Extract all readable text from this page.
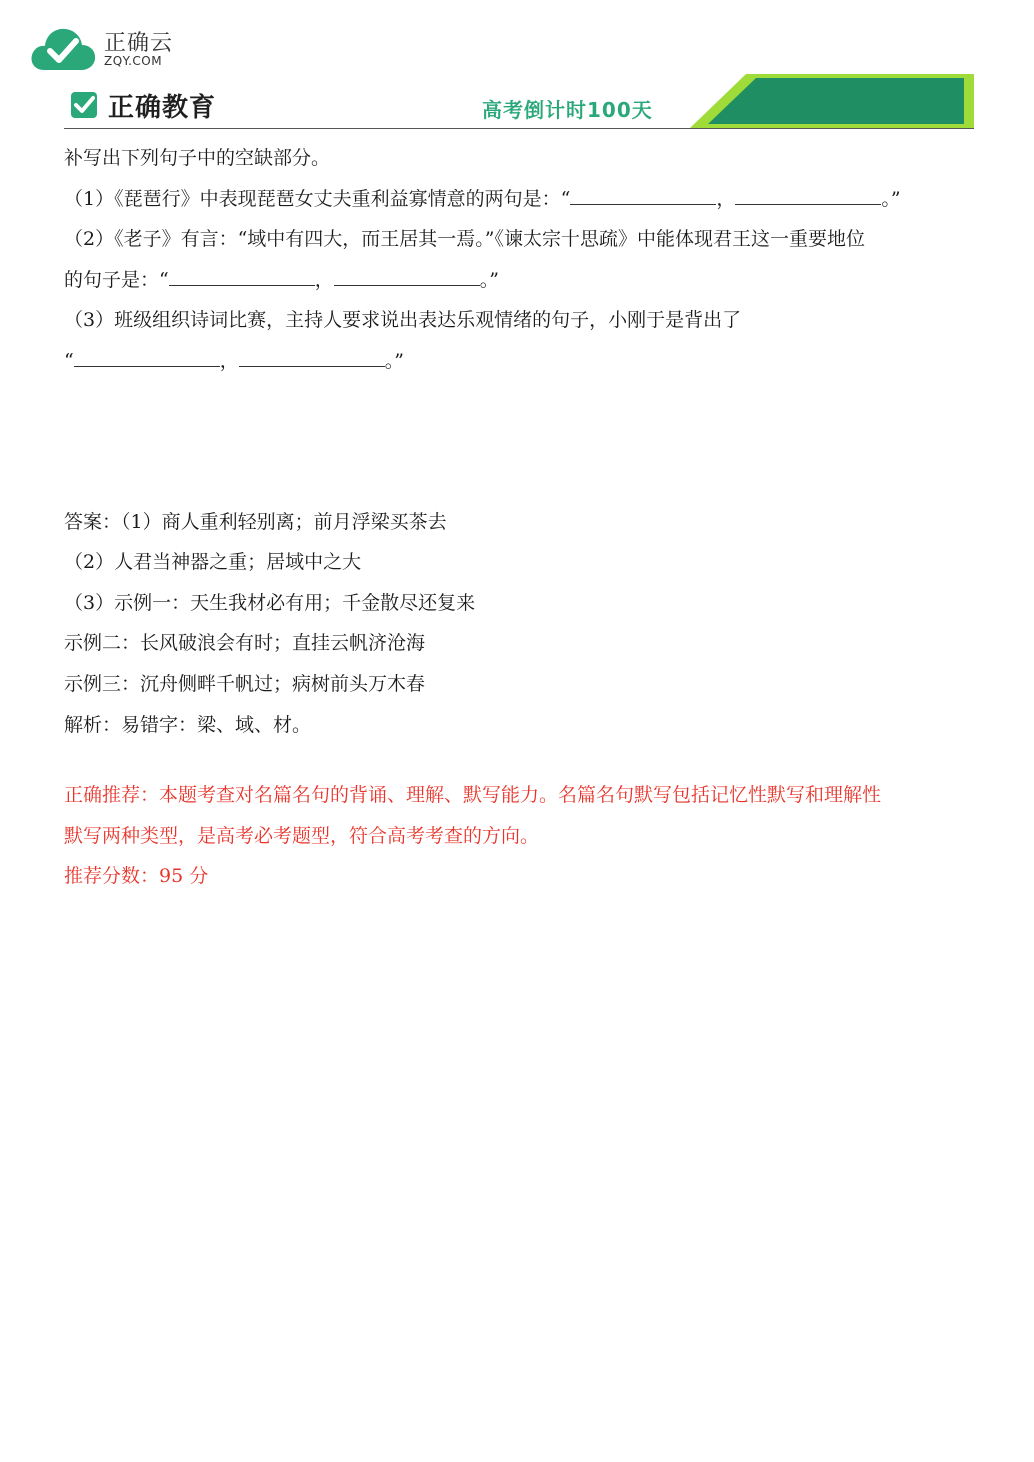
正确云
ZQY.COM
正确教育	高考倒计时100天
每日一题
补写出下列句子中的空缺部分。
（1）《琵琶行》中表现琵琶女丈夫重利益寡情意的两句是：“	，	。”
（2）《老子》有言：“域中有四大，而王居其一焉。”《谏太宗十思疏》中能体现君王这一重要地位
的句子是：“	，	。”
（3）班级组织诗词比赛，主持人要求说出表达乐观情绪的句子，小刚于是背出了
“	，	。”
答案：（1）商人重利轻别离；前月浮梁买茶去
（2）人君当神器之重；居域中之大
（3）示例一：天生我材必有用；千金散尽还复来
示例二：长风破浪会有时；直挂云帆济沧海
示例三：沉舟侧畔千帆过；病树前头万木春
解析：易错字：梁、域、材。
正确推荐：本题考查对名篇名句的背诵、理解、默写能力。名篇名句默写包括记忆性默写和理解性
默写两种类型，是高考必考题型，符合高考考查的方向。
推荐分数：95 分
